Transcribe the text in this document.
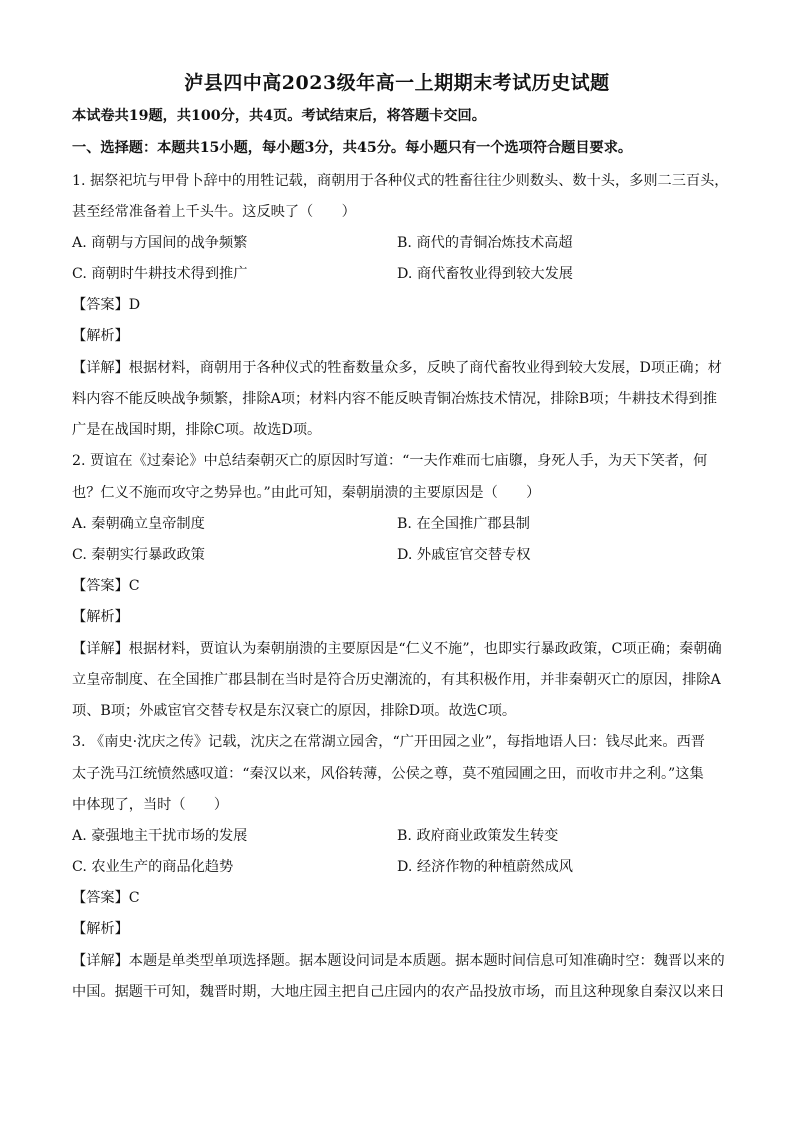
泸县四中高2023级年高一上期期末考试历史试题
本试卷共19题，共100分，共4页。考试结束后，将答题卡交回。
一、选择题：本题共15小题，每小题3分，共45分。每小题只有一个选项符合题目要求。
1. 据祭祀坑与甲骨卜辞中的用牲记载，商朝用于各种仪式的牲畜往往少则数头、数十头，多则二三百头，
甚至经常准备着上千头牛。这反映了（　　）
A. 商朝与方国间的战争频繁	B. 商代的青铜冶炼技术高超
C. 商朝时牛耕技术得到推广	D. 商代畜牧业得到较大发展
【答案】D
【解析】
【详解】根据材料，商朝用于各种仪式的牲畜数量众多，反映了商代畜牧业得到较大发展，D项正确；材
料内容不能反映战争频繁，排除A项；材料内容不能反映青铜冶炼技术情况，排除B项；牛耕技术得到推
广是在战国时期，排除C项。故选D项。
2. 贾谊在《过秦论》中总结秦朝灭亡的原因时写道：“一夫作难而七庙隳，身死人手，为天下笑者，何
也？仁义不施而攻守之势异也。”由此可知，秦朝崩溃的主要原因是（　　）
A. 秦朝确立皇帝制度	B. 在全国推广郡县制
C. 秦朝实行暴政政策	D. 外戚宦官交替专权
【答案】C
【解析】
【详解】根据材料，贾谊认为秦朝崩溃的主要原因是“仁义不施”，也即实行暴政政策，C项正确；秦朝确
立皇帝制度、在全国推广郡县制在当时是符合历史潮流的，有其积极作用，并非秦朝灭亡的原因，排除A
项、B项；外戚宦官交替专权是东汉衰亡的原因，排除D项。故选C项。
3. 《南史·沈庆之传》记载，沈庆之在常湖立园舍，“广开田园之业”，每指地语人曰：钱尽此来。西晋
太子洗马江统愤然感叹道：“秦汉以来，风俗转薄，公侯之尊，莫不殖园圃之田，而收市井之利。”这集
中体现了，当时（　　）
A. 豪强地主干扰市场的发展	B. 政府商业政策发生转变
C. 农业生产的商品化趋势	D. 经济作物的种植蔚然成风
【答案】C
【解析】
【详解】本题是单类型单项选择题。据本题设问词是本质题。据本题时间信息可知准确时空：魏晋以来的
中国。据题干可知，魏晋时期，大地庄园主把自己庄园内的农产品投放市场，而且这种现象自秦汉以来日
